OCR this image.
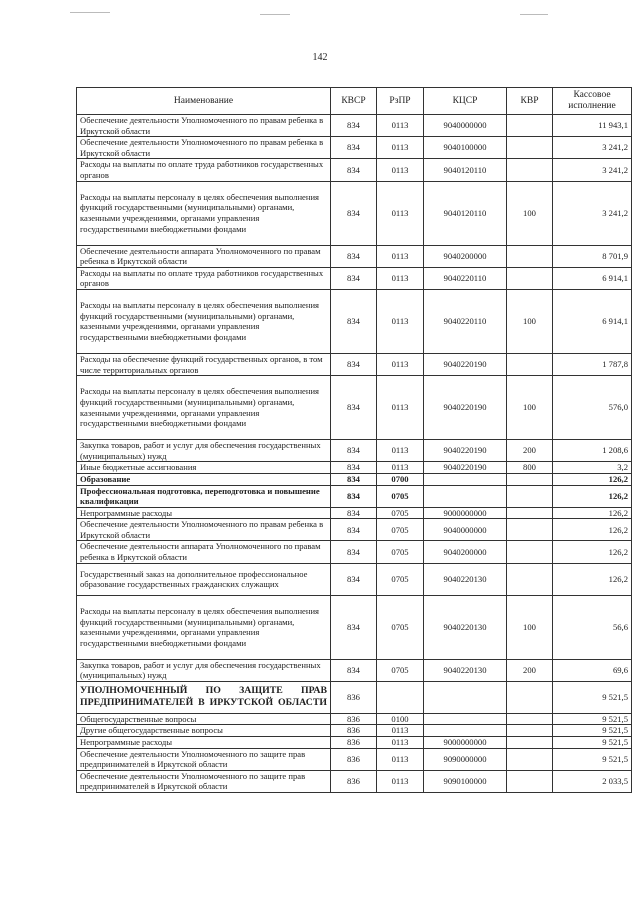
142
Наименование	КВСР	РзПР	КЦСР	КВР	Кассовое исполнение
Обеспечение деятельности Уполномоченного по правам ребенка в Иркутской области	834	0113	9040000000		11 943,1
Обеспечение деятельности Уполномоченного по правам ребенка в Иркутской области	834	0113	9040100000		3 241,2
Расходы на выплаты по оплате труда работников государственных органов	834	0113	9040120110		3 241,2
Расходы на выплаты персоналу в целях обеспечения выполнения функций государственными (муниципальными) органами, казенными учреждениями, органами управления государственными внебюджетными фондами	834	0113	9040120110	100	3 241,2
Обеспечение деятельности аппарата Уполномоченного по правам ребенка в Иркутской области	834	0113	9040200000		8 701,9
Расходы на выплаты по оплате труда работников государственных органов	834	0113	9040220110		6 914,1
Расходы на выплаты персоналу в целях обеспечения выполнения функций государственными (муниципальными) органами, казенными учреждениями, органами управления государственными внебюджетными фондами	834	0113	9040220110	100	6 914,1
Расходы на обеспечение функций государственных органов, в том числе территориальных органов	834	0113	9040220190		1 787,8
Расходы на выплаты персоналу в целях обеспечения выполнения функций государственными (муниципальными) органами, казенными учреждениями, органами управления государственными внебюджетными фондами	834	0113	9040220190	100	576,0
Закупка товаров, работ и услуг для обеспечения государственных (муниципальных) нужд	834	0113	9040220190	200	1 208,6
Иные бюджетные ассигнования	834	0113	9040220190	800	3,2
Образование	834	0700			126,2
Профессиональная подготовка, переподготовка и повышение квалификации	834	0705			126,2
Непрограммные расходы	834	0705	9000000000		126,2
Обеспечение деятельности Уполномоченного по правам ребенка в Иркутской области	834	0705	9040000000		126,2
Обеспечение деятельности аппарата Уполномоченного по правам ребенка в Иркутской области	834	0705	9040200000		126,2
Государственный заказ на дополнительное профессиональное образование государственных гражданских служащих	834	0705	9040220130		126,2
Расходы на выплаты персоналу в целях обеспечения выполнения функций государственными (муниципальными) органами, казенными учреждениями, органами управления государственными внебюджетными фондами	834	0705	9040220130	100	56,6
Закупка товаров, работ и услуг для обеспечения государственных (муниципальных) нужд	834	0705	9040220130	200	69,6
УПОЛНОМОЧЕННЫЙ ПО ЗАЩИТЕ ПРАВ ПРЕДПРИНИМАТЕЛЕЙ В ИРКУТСКОЙ ОБЛАСТИ	836				9 521,5
Общегосударственные вопросы	836	0100			9 521,5
Другие общегосударственные вопросы	836	0113			9 521,5
Непрограммные расходы	836	0113	9000000000		9 521,5
Обеспечение деятельности Уполномоченного по защите прав предпринимателей в Иркутской области	836	0113	9090000000		9 521,5
Обеспечение деятельности Уполномоченного по защите прав предпринимателей в Иркутской области	836	0113	9090100000		2 033,5
